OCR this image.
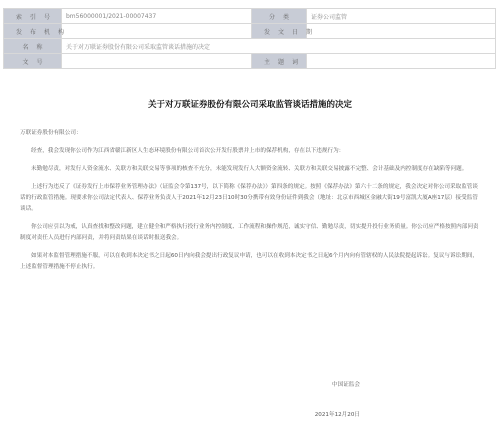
索引号	bm56000001/2021-00007437	分类	证券公司监管
发布机构		发文日期	
名称	关于对万联证券股份有限公司采取监管谈话措施的决定		
文号		主题词	
关于对万联证券股份有限公司采取监管谈话措施的决定

万联证券股份有限公司：

经查，我会发现你公司作为江西省赣江新区人生态环境股份有限公司首次公开发行股票并上市的保荐机构，存在以下违规行为：

未勤勉尽责，对发行人资金流水、关联方和关联交易等事项的核查不充分，未能发现发行人大额资金流转、关联方和关联交易披露不完整、会计基础及内控制度存在缺陷等问题。

上述行为违反了《证券发行上市保荐业务管理办法》（证监会令第137号，以下简称《保荐办法》）第四条的规定。按照《保荐办法》第六十二条的规定，我会决定对你公司采取监管谈话的行政监管措施。现要求你公司法定代表人、保荐业务负责人于2021年12月23日10时30分携带有效身份证件到我会（地址：北京市西城区金融大街19号富凯大厦A座17层）接受监管谈话。

你公司应引以为戒，认真查找和整改问题，建立健全和严格执行投行业务内控制度、工作流程和操作规范，诚实守信、勤勉尽责，切实提升投行业务质量。你公司应严格按照内部问责制度对责任人员进行内部问责，并将问责结果在谈话时报送我会。

如果对本监督管理措施不服，可以在收到本决定书之日起60日内向我会提出行政复议申请，也可以在收到本决定书之日起6个月内向有管辖权的人民法院提起诉讼。复议与诉讼期间，上述监督管理措施不停止执行。

中国证监会
2021年12月20日
